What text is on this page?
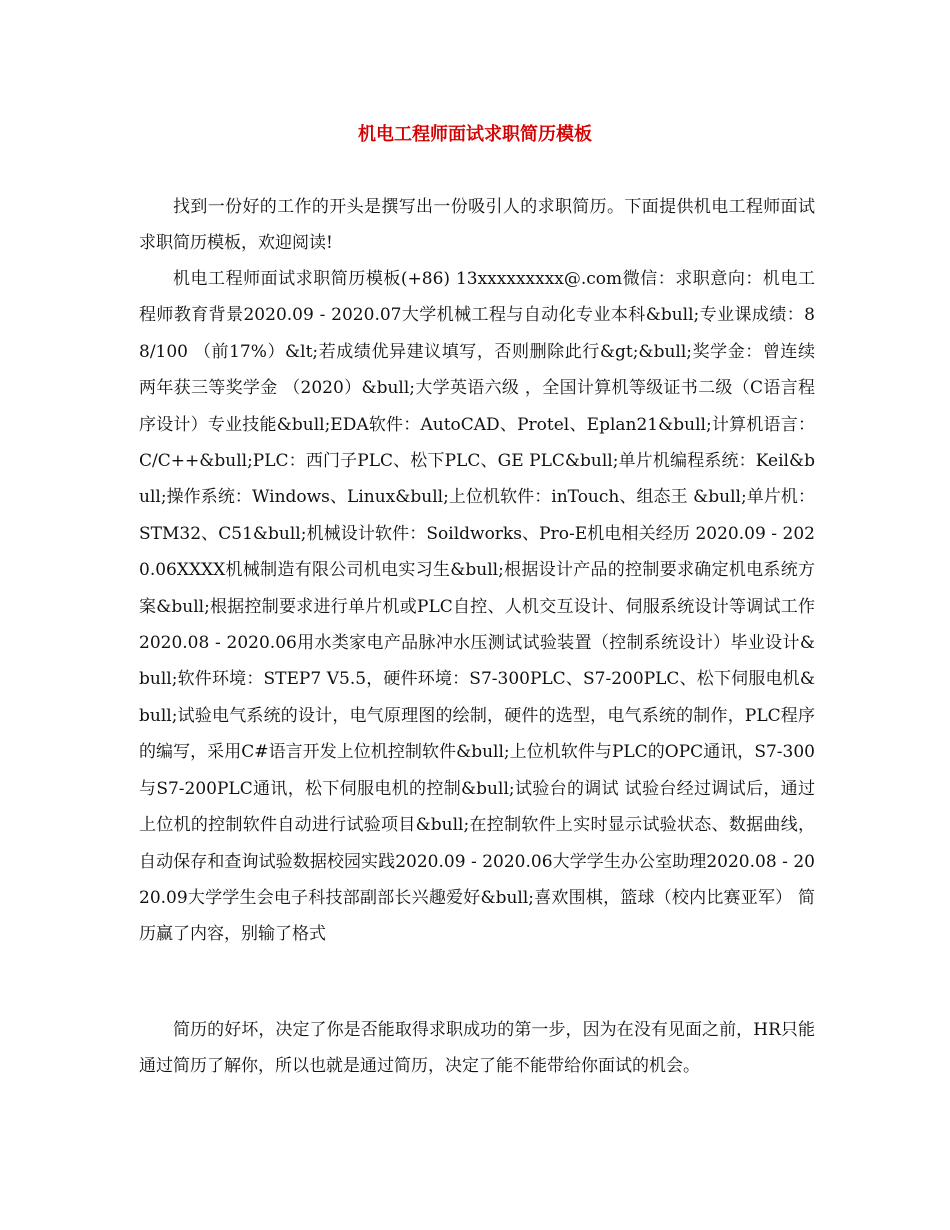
机电工程师面试求职简历模板

找到一份好的工作的开头是撰写出一份吸引人的求职简历。下面提供机电工程师面试求职简历模板，欢迎阅读!

机电工程师面试求职简历模板(+86) 13xxxxxxxxx@.com微信：求职意向：机电工程师教育背景2020.09 - 2020.07大学机械工程与自动化专业本科&bull;专业课成绩：88/100 （前17%）&lt;若成绩优异建议填写，否则删除此行&gt;&bull;奖学金：曾连续两年获三等奖学金 （2020）&bull;大学英语六级 ，全国计算机等级证书二级（C语言程序设计）专业技能&bull;EDA软件：AutoCAD、Protel、Eplan21&bull;计算机语言：C/C++&bull;PLC：西门子PLC、松下PLC、GE PLC&bull;单片机编程系统：Keil&bull;操作系统：Windows、Linux&bull;上位机软件：inTouch、组态王 &bull;单片机：STM32、C51&bull;机械设计软件：Soildworks、Pro-E机电相关经历 2020.09 - 2020.06XXXX机械制造有限公司机电实习生&bull;根据设计产品的控制要求确定机电系统方案&bull;根据控制要求进行单片机或PLC自控、人机交互设计、伺服系统设计等调试工作2020.08 - 2020.06用水类家电产品脉冲水压测试试验装置（控制系统设计）毕业设计&bull;软件环境：STEP7 V5.5，硬件环境：S7-300PLC、S7-200PLC、松下伺服电机&bull;试验电气系统的设计，电气原理图的绘制，硬件的选型，电气系统的制作，PLC程序的编写，采用C#语言开发上位机控制软件&bull;上位机软件与PLC的OPC通讯，S7-300与S7-200PLC通讯，松下伺服电机的控制&bull;试验台的调试 试验台经过调试后，通过上位机的控制软件自动进行试验项目&bull;在控制软件上实时显示试验状态、数据曲线，自动保存和查询试验数据校园实践2020.09 - 2020.06大学学生办公室助理2020.08 - 2020.09大学学生会电子科技部副部长兴趣爱好&bull;喜欢围棋，篮球（校内比赛亚军） 简历赢了内容，别输了格式

简历的好坏，决定了你是否能取得求职成功的第一步，因为在没有见面之前，HR只能通过简历了解你，所以也就是通过简历，决定了能不能带给你面试的机会。
